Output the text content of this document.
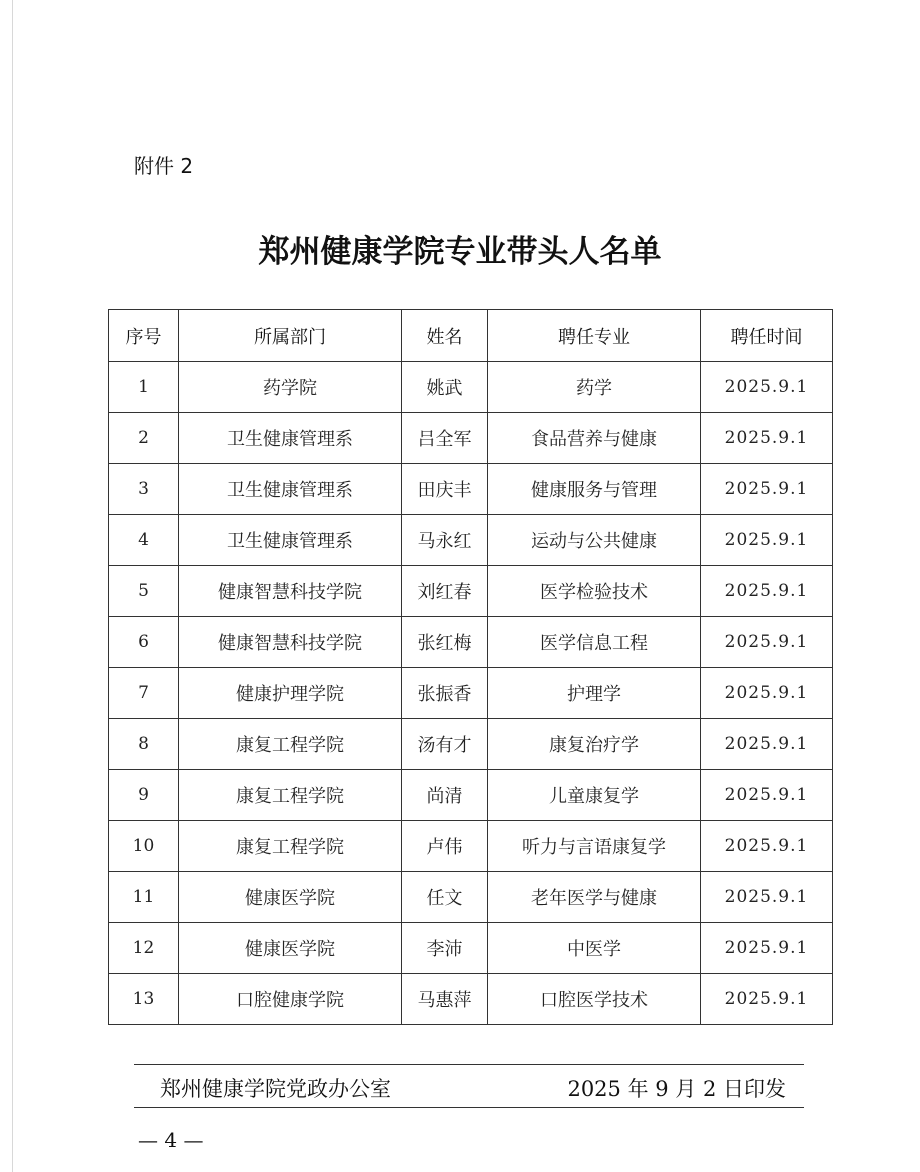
附件 2
郑州健康学院专业带头人名单
序号	所属部门	姓名	聘任专业	聘任时间
1	药学院	姚武	药学	2025.9.1
2	卫生健康管理系	吕全军	食品营养与健康	2025.9.1
3	卫生健康管理系	田庆丰	健康服务与管理	2025.9.1
4	卫生健康管理系	马永红	运动与公共健康	2025.9.1
5	健康智慧科技学院	刘红春	医学检验技术	2025.9.1
6	健康智慧科技学院	张红梅	医学信息工程	2025.9.1
7	健康护理学院	张振香	护理学	2025.9.1
8	康复工程学院	汤有才	康复治疗学	2025.9.1
9	康复工程学院	尚清	儿童康复学	2025.9.1
10	康复工程学院	卢伟	听力与言语康复学	2025.9.1
11	健康医学院	任文	老年医学与健康	2025.9.1
12	健康医学院	李沛	中医学	2025.9.1
13	口腔健康学院	马惠萍	口腔医学技术	2025.9.1
郑州健康学院党政办公室	2025 年 9 月 2 日印发
— 4 —
